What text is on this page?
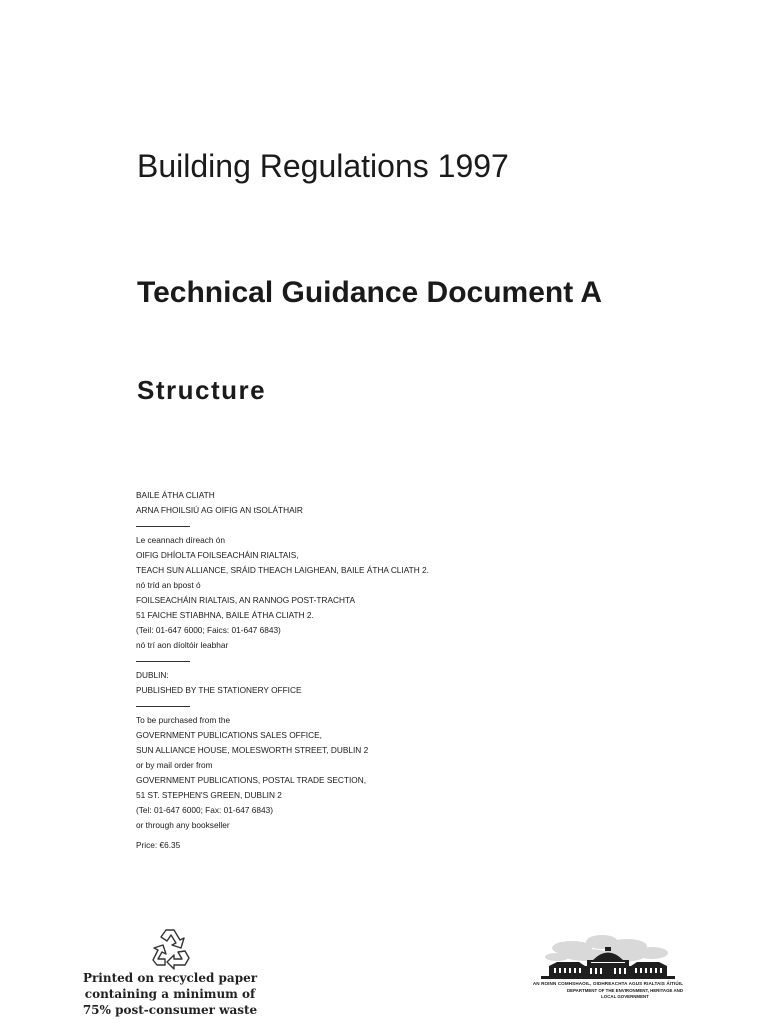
Building Regulations 1997
Technical Guidance Document A
Structure
BAILE ÁTHA CLIATH
ARNA FHOILSIÚ AG OIFIG AN tSOLÁTHAIR
Le ceannach díreach ón
OIFIG DHÍOLTA FOILSEACHÁIN RIALTAIS,
TEACH SUN ALLIANCE, SRÁID THEACH LAIGHEAN, BAILE ÁTHA CLIATH 2.
nó tríd an bpost ó
FOILSEACHÁIN RIALTAIS, AN RANNOG POST-TRACHTA
51 FAICHE STIABHNA, BAILE ÁTHA CLIATH 2.
(Teil: 01-647 6000; Faics: 01-647 6843)
nó trí aon díoltóir leabhar
DUBLIN:
PUBLISHED BY THE STATIONERY OFFICE
To be purchased from the
GOVERNMENT PUBLICATIONS SALES OFFICE,
SUN ALLIANCE HOUSE, MOLESWORTH STREET, DUBLIN 2
or by mail order from
GOVERNMENT PUBLICATIONS, POSTAL TRADE SECTION,
51 ST. STEPHEN'S GREEN, DUBLIN 2
(Tel: 01-647 6000; Fax: 01-647 6843)
or through any bookseller
Price: €6.35
Printed on recycled paper
containing a minimum of
75% post-consumer waste
AN ROINN COMHSHAOIL, OIDHREACHTA AGUS RIALTAIS ÁITIÚIL
DEPARTMENT OF THE ENVIRONMENT, HERITAGE AND LOCAL GOVERNMENT
